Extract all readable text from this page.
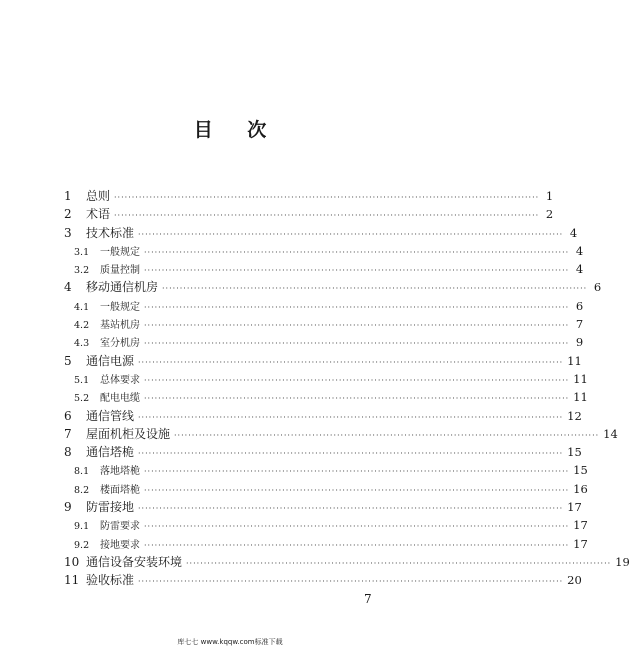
目 次
1	总则 ························································································································ 1
2	术语 ························································································································ 2
3	技术标准 ························································································································ 4
3.1 一般规定 ························································································································ 4
3.2 质量控制 ························································································································ 4
4	移动通信机房 ························································································································ 6
4.1 一般规定 ························································································································ 6
4.2 基站机房 ························································································································ 7
4.3 室分机房 ························································································································ 9
5	通信电源 ························································································································ 11
5.1 总体要求 ························································································································ 11
5.2 配电电缆 ························································································································ 11
6	通信管线 ························································································································ 12
7	屋面机柜及设施 ························································································································ 14
8	通信塔桅 ························································································································ 15
8.1 落地塔桅 ························································································································ 15
8.2 楼面塔桅 ························································································································ 16
9	防雷接地 ························································································································ 17
9.1 防雷要求 ························································································································ 17
9.2 接地要求 ························································································································ 17
10 通信设备安装环境 ························································································································ 19
11 验收标准 ························································································································ 20
7
库七七 www.kqqw.com标准下载
